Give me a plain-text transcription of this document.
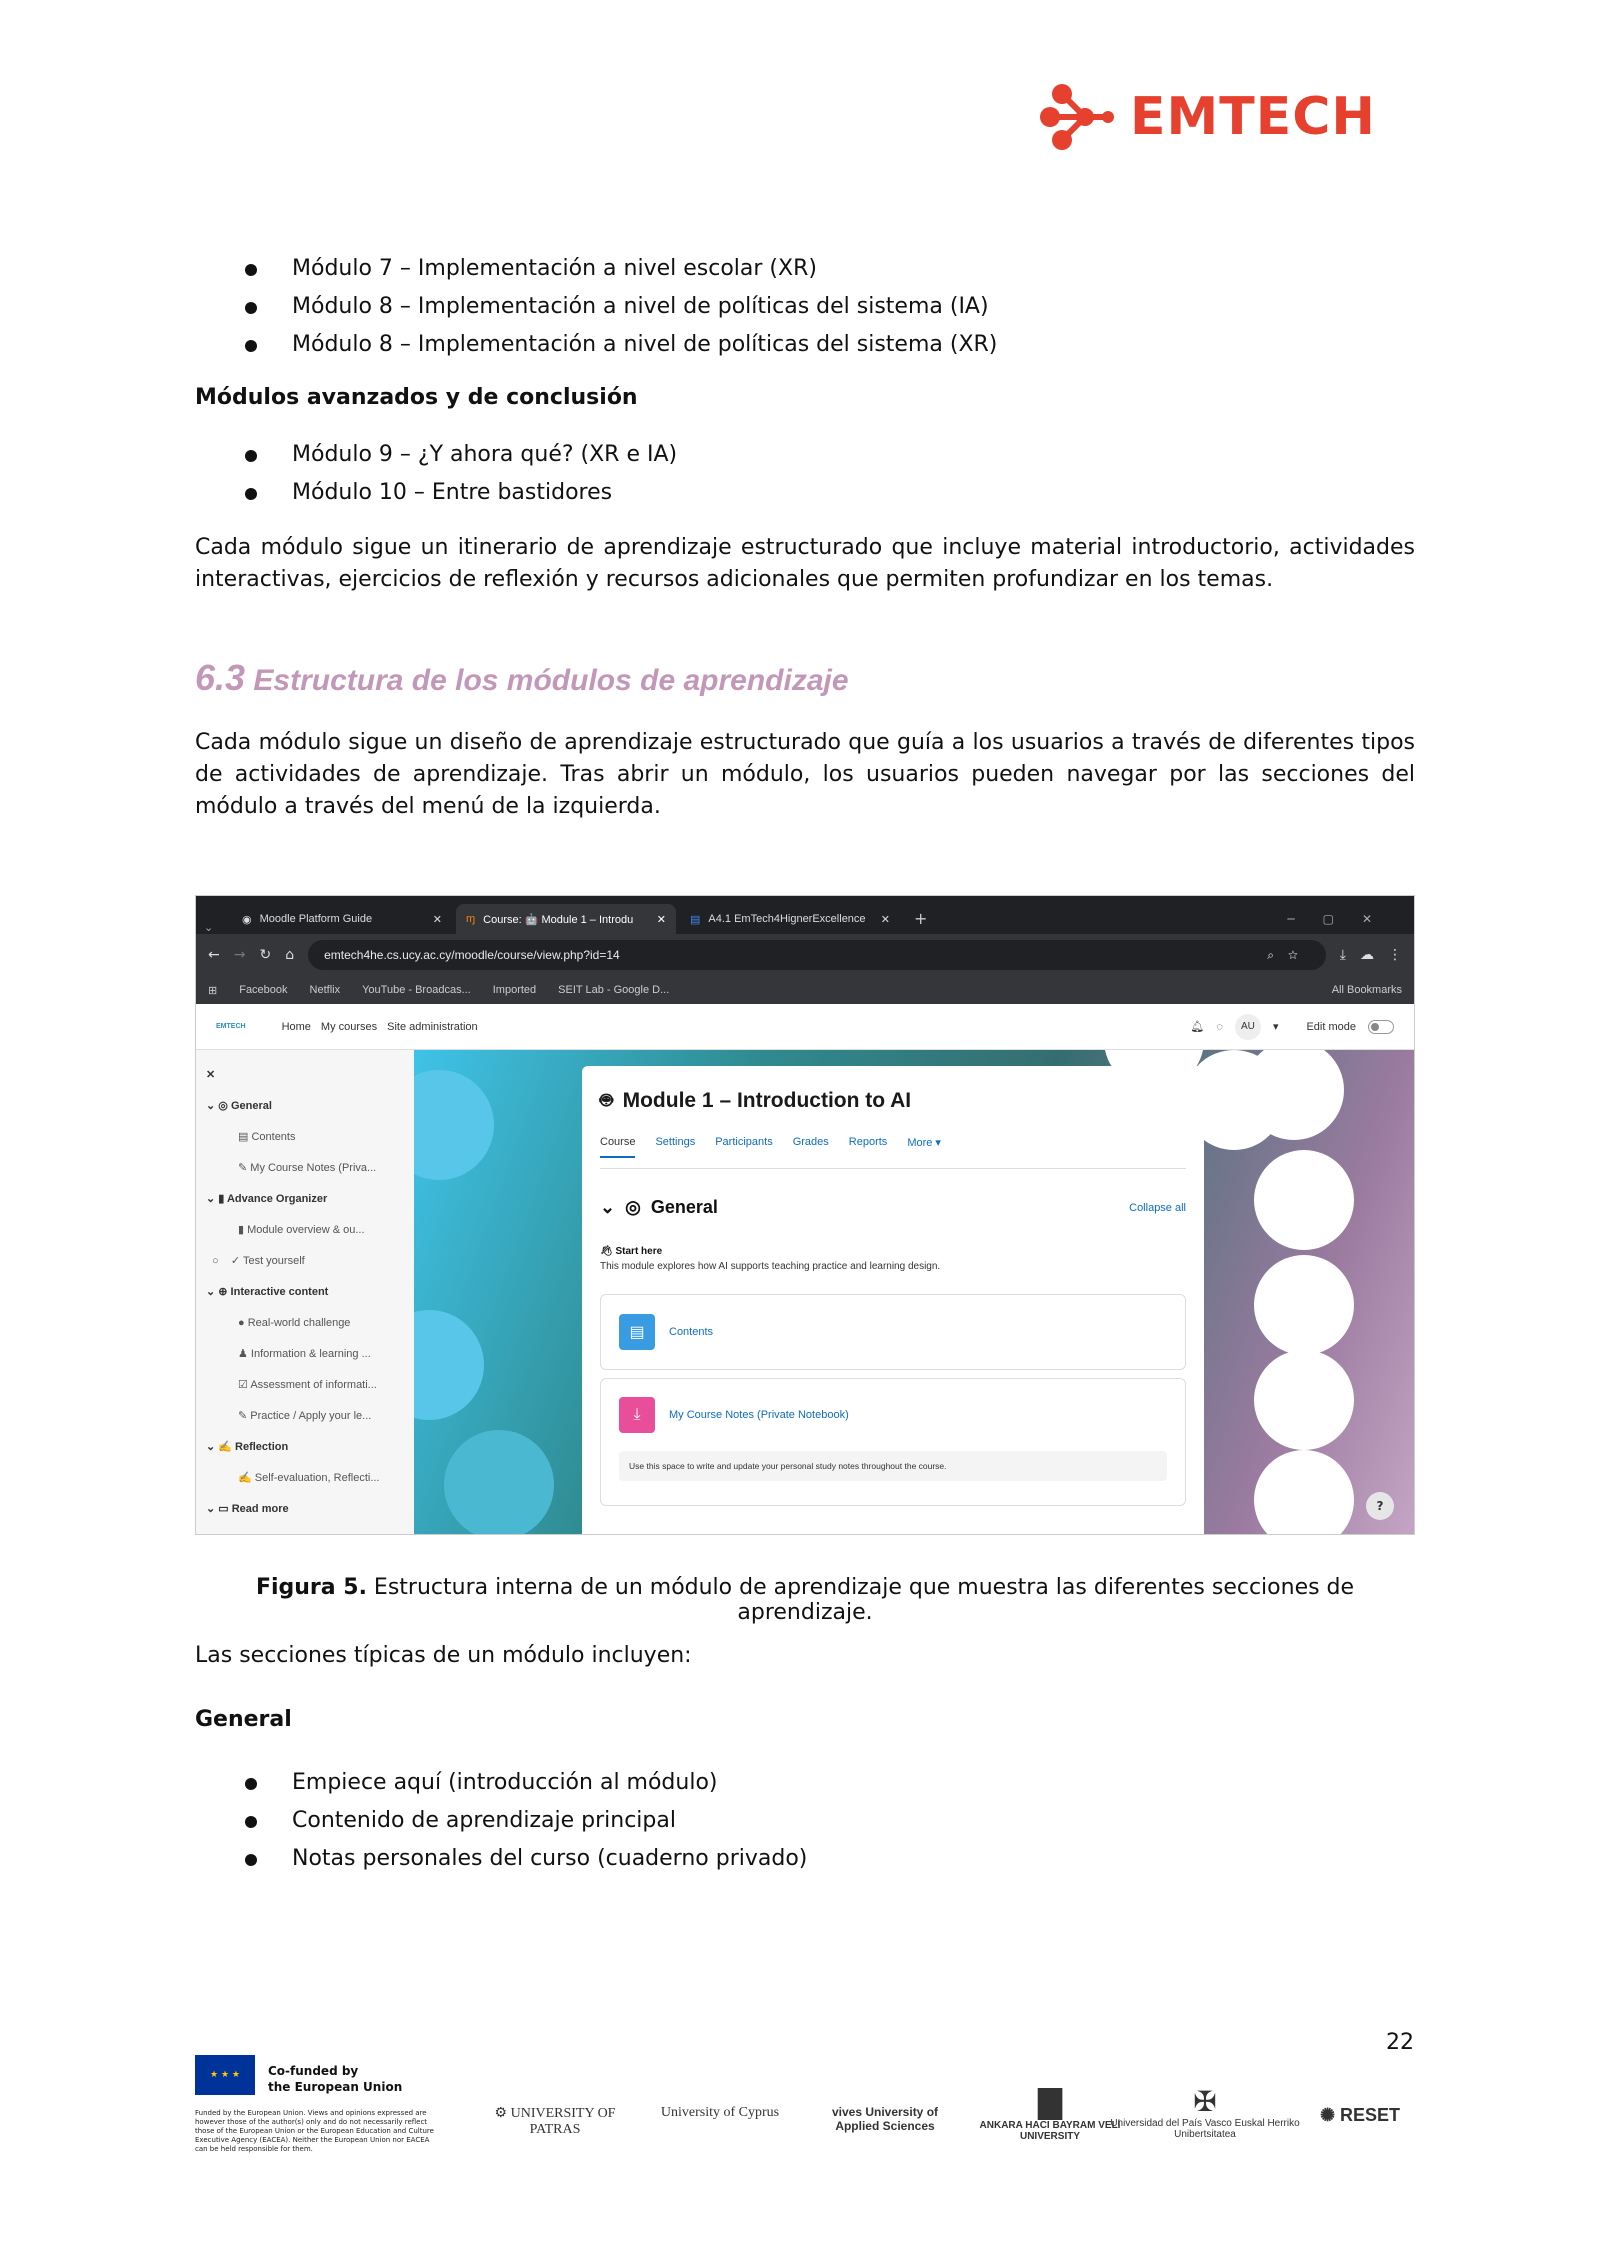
EMTECH
Módulo 7 – Implementación a nivel escolar (XR)
Módulo 8 – Implementación a nivel de políticas del sistema (IA)
Módulo 8 – Implementación a nivel de políticas del sistema (XR)

Módulos avanzados y de conclusión

Módulo 9 – ¿Y ahora qué? (XR e IA)
Módulo 10 – Entre bastidores

Cada módulo sigue un itinerario de aprendizaje estructurado que incluye material introductorio, actividades interactivas, ejercicios de reflexión y recursos adicionales que permiten profundizar en los temas.

6.3 Estructura de los módulos de aprendizaje

Cada módulo sigue un diseño de aprendizaje estructurado que guía a los usuarios a través de diferentes tipos de actividades de aprendizaje. Tras abrir un módulo, los usuarios pueden navegar por las secciones del módulo a través del menú de la izquierda.

⌄
◉ Moodle Platform Guide	✕ ɱ Course: 🤖 Module 1 – Introdu ✕ ▤ A4.1 EmTech4HignerExcellence ✕	+	─▢✕
← → ↻ ⌂	emtech4he.cs.ucy.ac.cy/moodle/course/view.php?id=14	⌕☆	⤓ ☁ ⋮
⊞ Facebook Netflix YouTube - Broadcas... Imported SEIT Lab - Google D...	All Bookmarks
EMTECH	Home My courses Site administration	🔔︎ ◌	AU	▾	Edit mode
✕
⌄ ◎ General
▤ Contents
✎ My Course Notes (Priva...
⌄ ▮ Advance Organizer
▮ Module overview & ou...
○    ✓ Test yourself
⌄ ⊕ Interactive content
● Real-world challenge
♟ Information & learning ...
☑ Assessment of informati...
✎ Practice / Apply your le...
⌄ ✍ Reflection
✍ Self-evaluation, Reflecti...
⌄ ▭ Read more
🤖︎ Module 1 – Introduction to AI
Course Settings Participants Grades Reports More ▾
⌄ ◎ General	Collapse all
👋︎ Start here
This module explores how AI supports teaching practice and learning design.
▤	Contents
⤓	My Course Notes (Private Notebook)
Use this space to write and update your personal study notes throughout the course.
?
Figura 5. Estructura interna de un módulo de aprendizaje que muestra las diferentes secciones de aprendizaje.

Las secciones típicas de un módulo incluyen:

General

Empiece aquí (introducción al módulo)
Contenido de aprendizaje principal
Notas personales del curso (cuaderno privado)
22
★ ★ ★	Co-funded by
the European Union
Funded by the European Union. Views and opinions expressed are however those of the author(s) only and do not necessarily reflect those of the European Union or the European Education and Culture Executive Agency (EACEA). Neither the European Union nor EACEA can be held responsible for them.
⚙ UNIVERSITY OF PATRAS
University of Cyprus	vives University of Applied Sciences
▇
ANKARA HACI BAYRAM VELİ UNIVERSITY
✠
Universidad del País Vasco Euskal Herriko Unibertsitatea
✺ RESET
